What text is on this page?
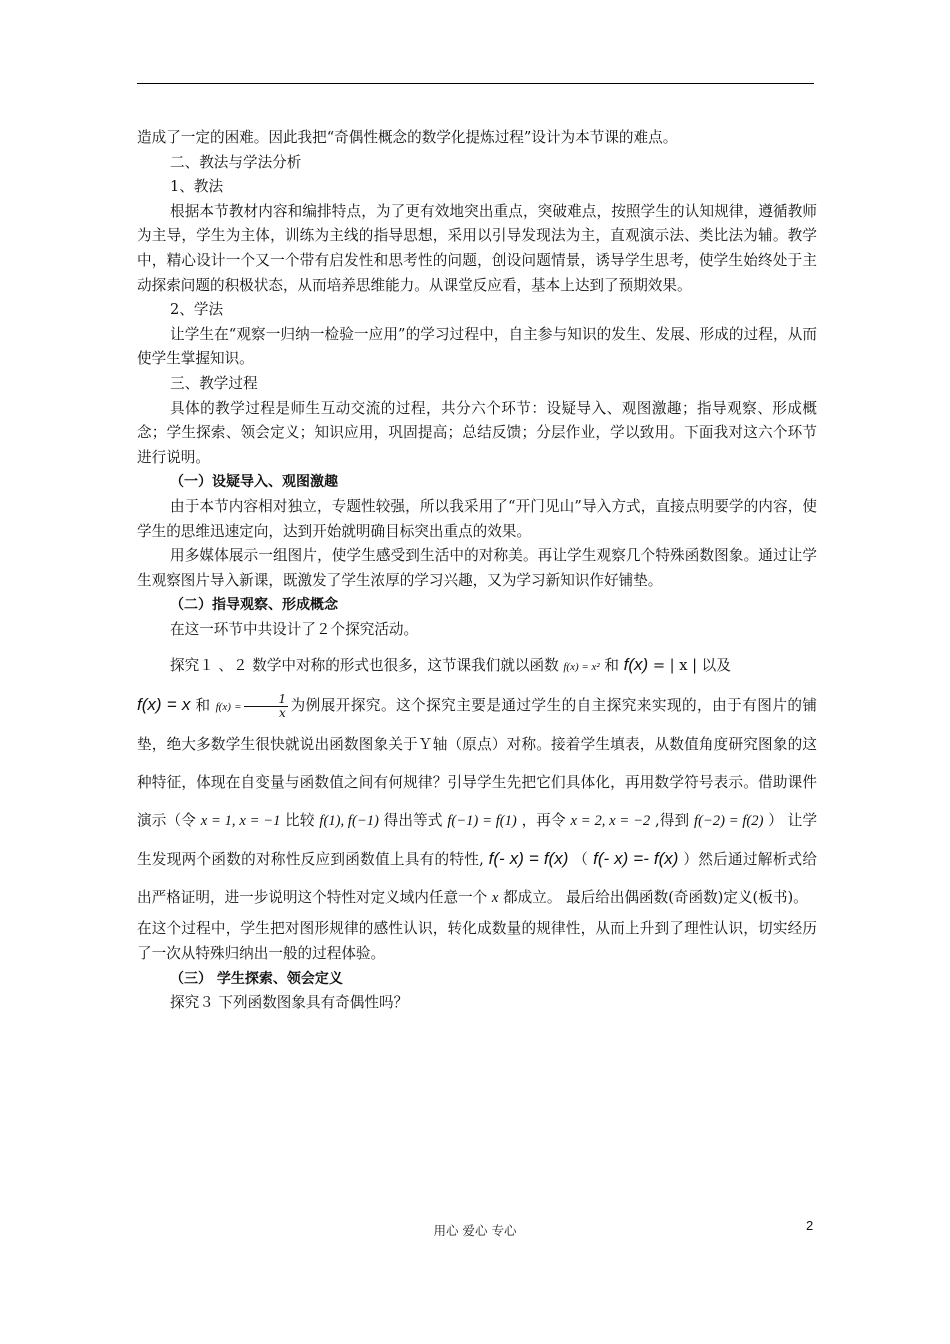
造成了一定的困难。因此我把“奇偶性概念的数学化提炼过程”设计为本节课的难点。

二、教法与学法分析

1、教法

根据本节教材内容和编排特点，为了更有效地突出重点，突破难点，按照学生的认知规律，遵循教师为主导，学生为主体，训练为主线的指导思想，采用以引导发现法为主，直观演示法、类比法为辅。教学中，精心设计一个又一个带有启发性和思考性的问题，创设问题情景，诱导学生思考，使学生始终处于主动探索问题的积极状态，从而培养思维能力。从课堂反应看，基本上达到了预期效果。

2、学法

让学生在“观察一归纳一检验一应用”的学习过程中，自主参与知识的发生、发展、形成的过程，从而使学生掌握知识。

三、教学过程

具体的教学过程是师生互动交流的过程，共分六个环节：设疑导入、观图激趣；指导观察、形成概念；学生探索、领会定义；知识应用，巩固提高；总结反馈；分层作业，学以致用。下面我对这六个环节进行说明。

（一）设疑导入、观图激趣

由于本节内容相对独立，专题性较强，所以我采用了“开门见山”导入方式，直接点明要学的内容，使学生的思维迅速定向，达到开始就明确目标突出重点的效果。

用多媒体展示一组图片，使学生感受到生活中的对称美。再让学生观察几个特殊函数图象。通过让学生观察图片导入新课，既激发了学生浓厚的学习兴趣，又为学习新知识作好铺垫。

（二）指导观察、形成概念

在这一环节中共设计了２个探究活动。

探究１ 、２ 数学中对称的形式也很多，这节课我们就以函数 f(x) = x² 和 f(x) = | x | 以及
f(x) = x 和 $f(x) = \frac{1}{x}$ 为例展开探究。这个探究主要是通过学生的自主探究来实现的，由于有图片的铺垫，绝大多数学生很快就说出函数图象关于Ｙ轴（原点）对称。接着学生填表，从数值角度研究图象的这种特征，体现在自变量与函数值之间有何规律？引导学生先把它们具体化，再用数学符号表示。借助课件演示（令 x = 1, x = −1 比较 f(1), f(−1) 得出等式 f(−1) = f(1) ，再令 x = 2, x = −2 ,得到 f(−2) = f(2) ） 让学生发现两个函数的对称性反应到函数值上具有的特性, f(- x) = f(x) （ f(- x) =- f(x) ）然后通过解析式给出严格证明，进一步说明这个特性对定义域内任意一个 x 都成立。 最后给出偶函数(奇函数)定义(板书)。

在这个过程中，学生把对图形规律的感性认识，转化成数量的规律性，从而上升到了理性认识，切实经历了一次从特殊归纳出一般的过程体验。

（三） 学生探索、领会定义

探究３ 下列函数图象具有奇偶性吗？

用心 爱心 专心	2
